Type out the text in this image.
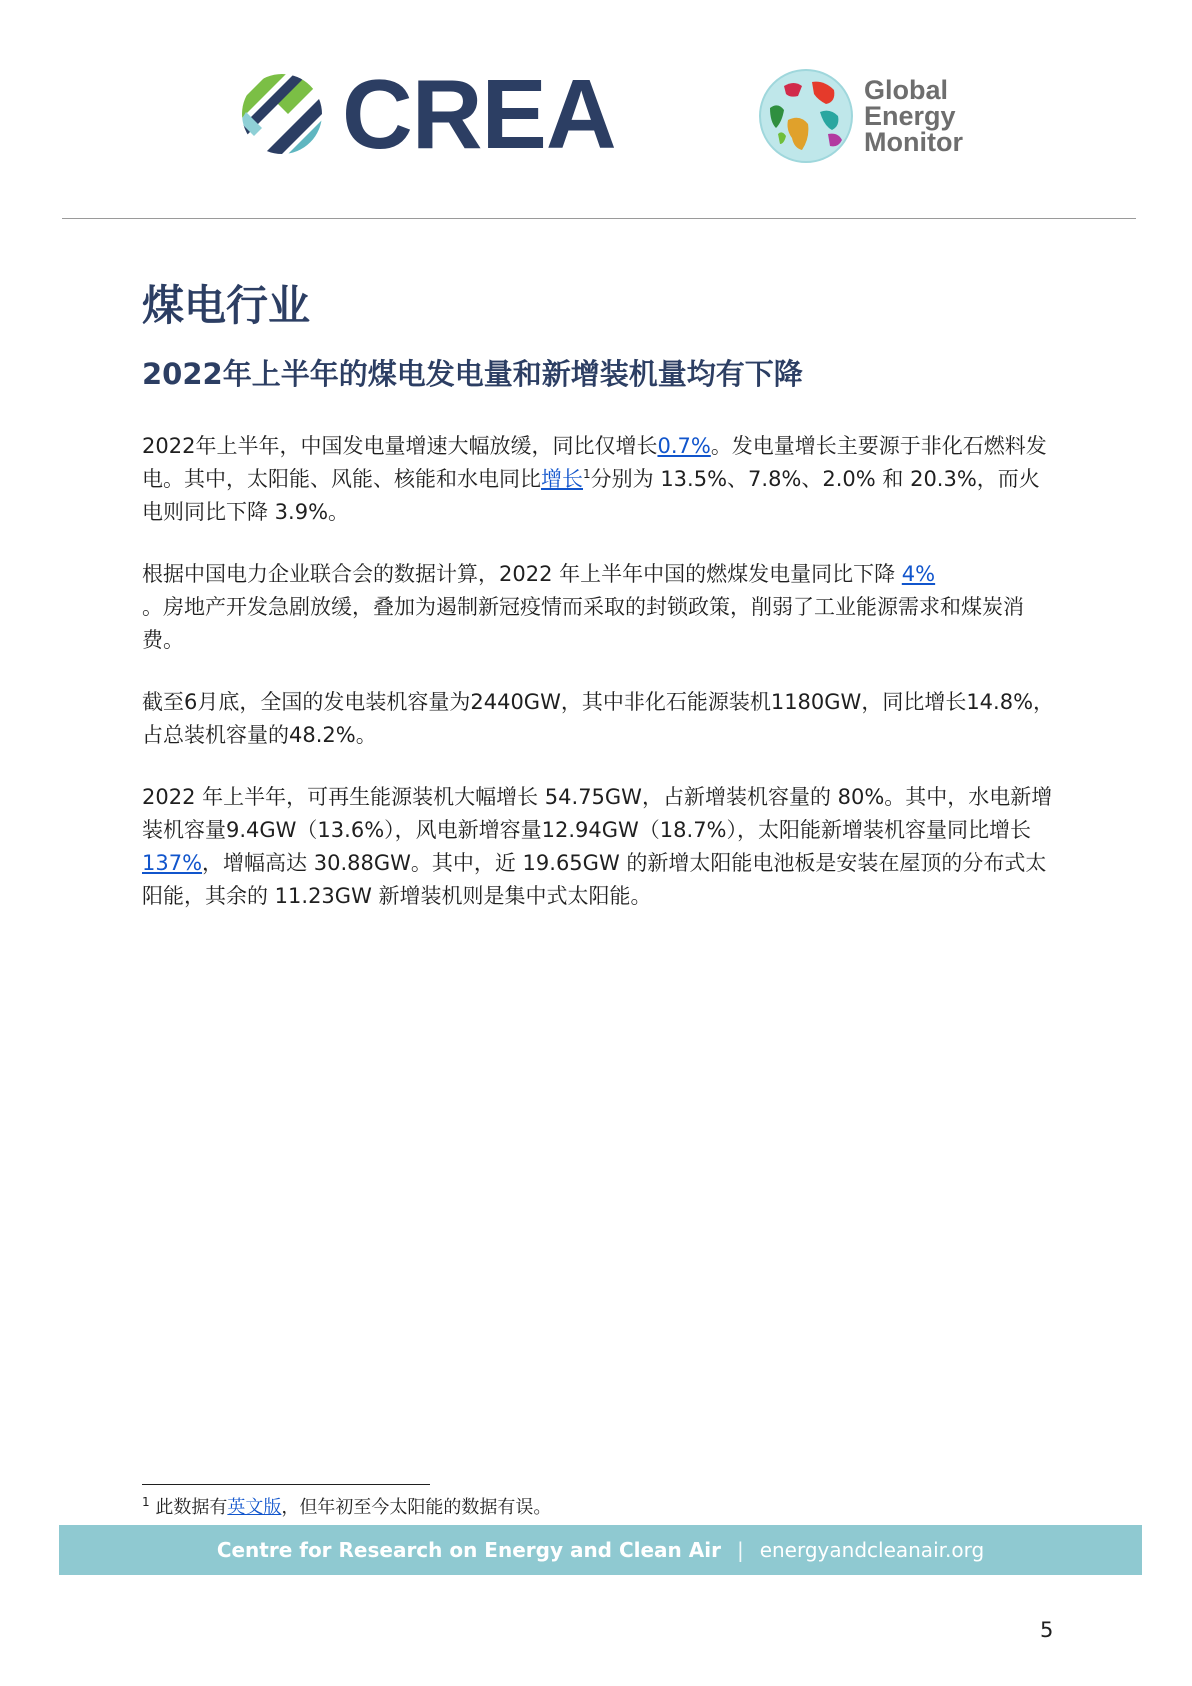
CREA	Global
Energy
Monitor
煤电行业
2022年上半年的煤电发电量和新增装机量均有下降

2022年上半年，中国发电量增速大幅放缓，同比仅增长0.7%。发电量增长主要源于非化石燃料发电。其中，太阳能、风能、核能和水电同比增长$^1$分别为 13.5%、7.8%、2.0% 和 20.3%，而火电则同比下降 3.9%。

根据中国电力企业联合会的数据计算，2022 年上半年中国的燃煤发电量同比下降 4%
。房地产开发急剧放缓，叠加为遏制新冠疫情而采取的封锁政策，削弱了工业能源需求和煤炭消费。

截至6月底，全国的发电装机容量为2440GW，其中非化石能源装机1180GW，同比增长14.8%，占总装机容量的48.2%。

2022 年上半年，可再生能源装机大幅增长 54.75GW，占新增装机容量的 80%。其中，水电新增装机容量9.4GW（13.6%），风电新增容量12.94GW（18.7%），太阳能新增装机容量同比增长 137%，增幅高达 30.88GW。其中，近 19.65GW 的新增太阳能电池板是安装在屋顶的分布式太阳能，其余的 11.23GW 新增装机则是集中式太阳能。

$^1$ 此数据有英文版，但年初至今太阳能的数据有误。
Centre for Research on Energy and Clean Air | energyandcleanair.org
5
